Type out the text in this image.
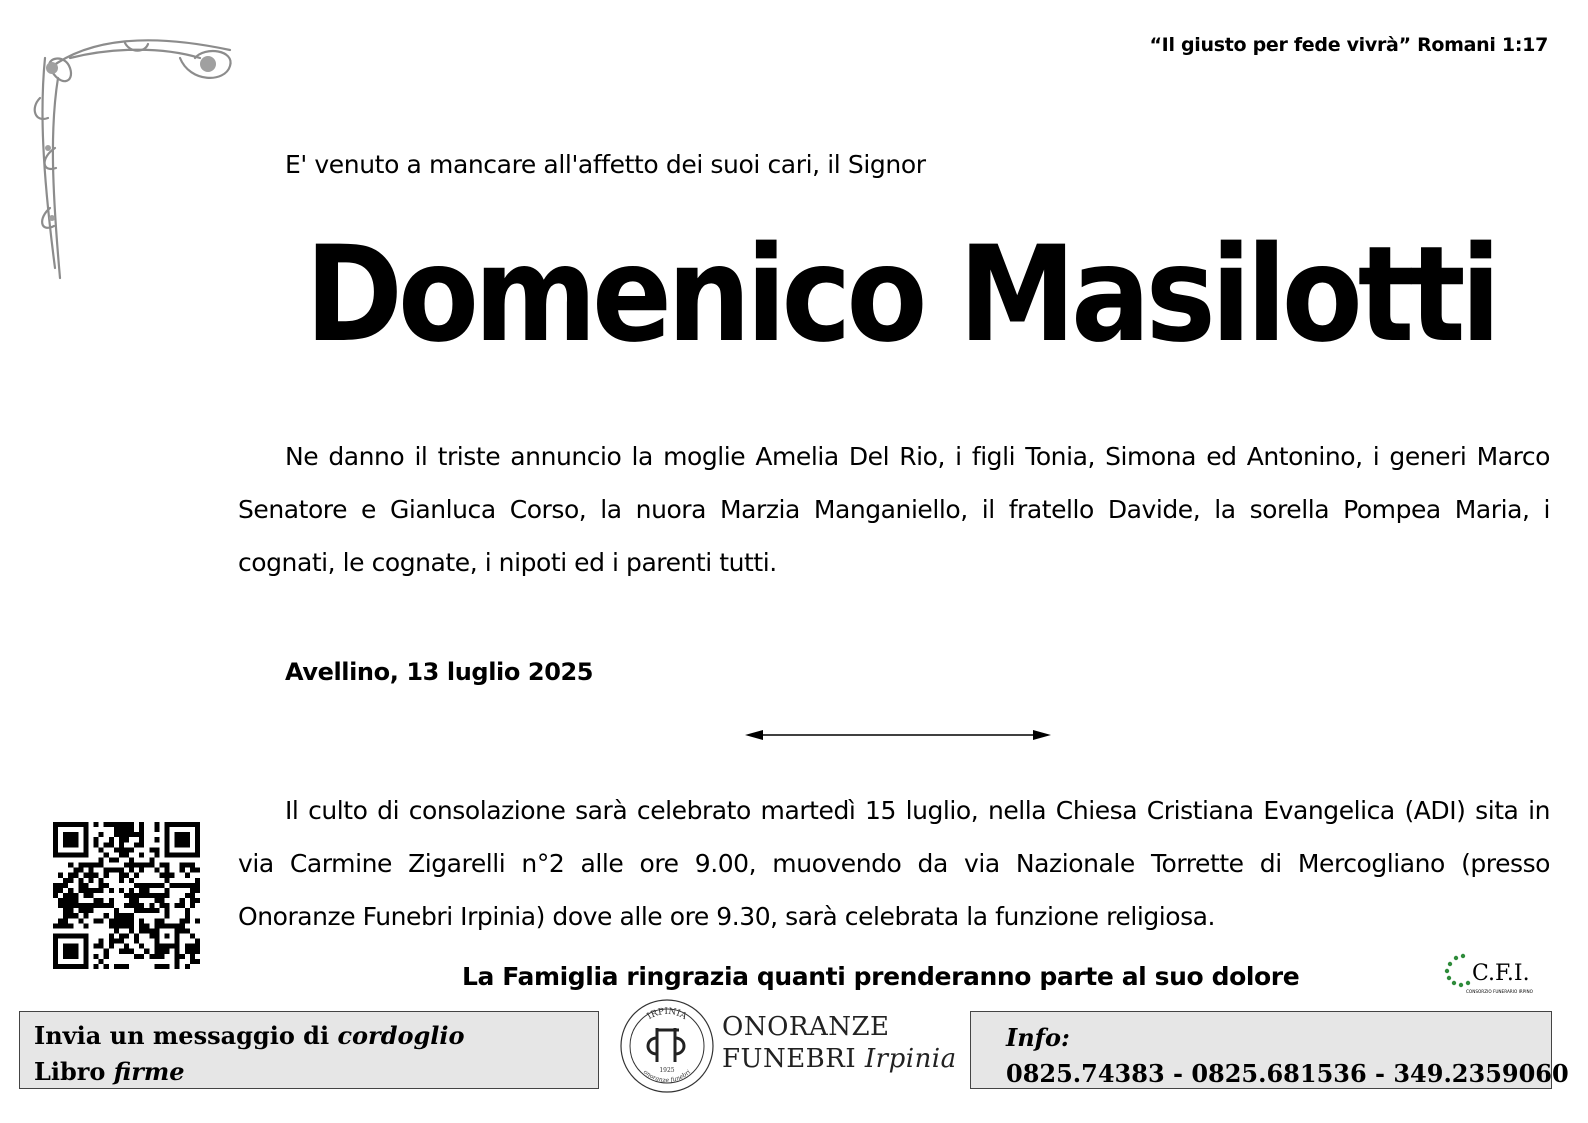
“Il giusto per fede vivrà” Romani 1:17
E' venuto a mancare all'affetto dei suoi cari, il Signor
Domenico Masilotti
Ne danno il triste annuncio la moglie Amelia Del Rio, i figli Tonia, Simona ed Antonino, i generi Marco Senatore e Gianluca Corso, la nuora Marzia Manganiello, il fratello Davide, la sorella Pompea Maria, i cognati, le cognate, i nipoti ed i parenti tutti.
Avellino, 13 luglio 2025
Il culto di consolazione sarà celebrato martedì 15 luglio, nella Chiesa Cristiana Evangelica (ADI) sita in via Carmine Zigarelli n°2 alle ore 9.00, muovendo da via Nazionale Torrette di Mercogliano (presso Onoranze Funebri Irpinia) dove alle ore 9.30, sarà celebrata la funzione religiosa.
La Famiglia ringrazia quanti prenderanno parte al suo dolore	C.F.I.
CONSORZIO FUNERARIO IRPINO
Invia un messaggio di cordoglio
Libro firme
IRPINIA
onoranze funebri
1925
ONORANZE
FUNEBRI Irpinia
Info:
0825.74383 - 0825.681536 - 349.2359060
